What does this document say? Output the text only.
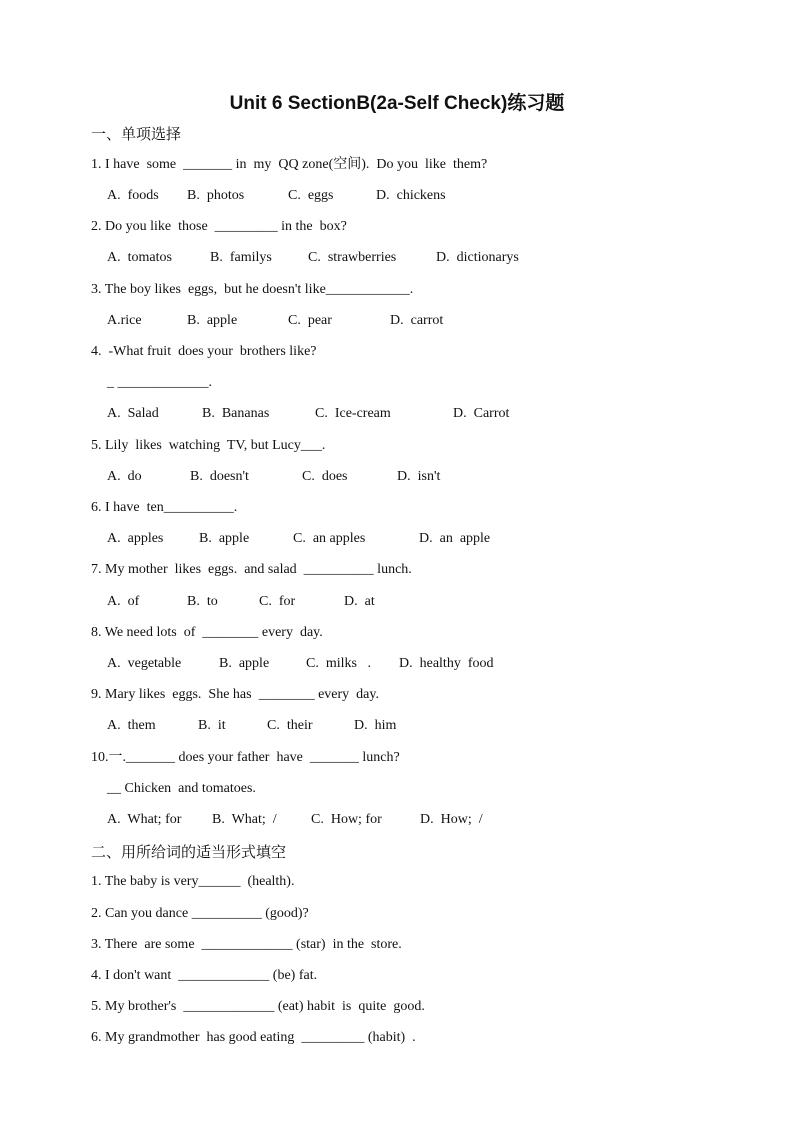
Unit 6 SectionB(2a-Self Check)练习题
一、单项选择
1. I have  some  _______ in  my  QQ zone(空间).  Do you  like  them?
A.  foods B.  photos	C.  eggs	D.  chickens
2. Do you like  those  _________ in the  box?
A.  tomatos	B.  familys	C.  strawberries	D.  dictionarys
3. The boy likes  eggs,  but he doesn't like____________.
A.rice	B.  apple	C.  pear	D.  carrot
4.  -What fruit  does your  brothers like?
_ _____________.
A.  Salad	B.  Bananas	C.  Ice-cream	D.  Carrot
5. Lily  likes  watching  TV, but Lucy___.
A.  do	B.  doesn't	C.  does	D.  isn't
6. I have  ten__________.
A.  apples	B.  apple	C.  an apples	D.  an  apple
7. My mother  likes  eggs.  and salad  __________ lunch.
A.  of	B.  to	C.  for	D.  at
8. We need lots  of  ________ every  day.
A.  vegetable	B.  apple	C.  milks   . D.  healthy  food
9. Mary likes  eggs.  She has  ________ every  day.
A.  them	B.  it	C.  their	D.  him
10.一._______ does your father  have  _______ lunch?
__ Chicken  and tomatoes.
A.  What; for B.  What;  / C.  How; for	D.  How;  /
二、用所给词的适当形式填空
1. The baby is very______  (health).
2. Can you dance __________ (good)?
3. There  are some  _____________ (star)  in the  store.
4. I don't want  _____________ (be) fat.
5. My brother's  _____________ (eat) habit  is  quite  good.
6. My grandmother  has good eating  _________ (habit)  .
